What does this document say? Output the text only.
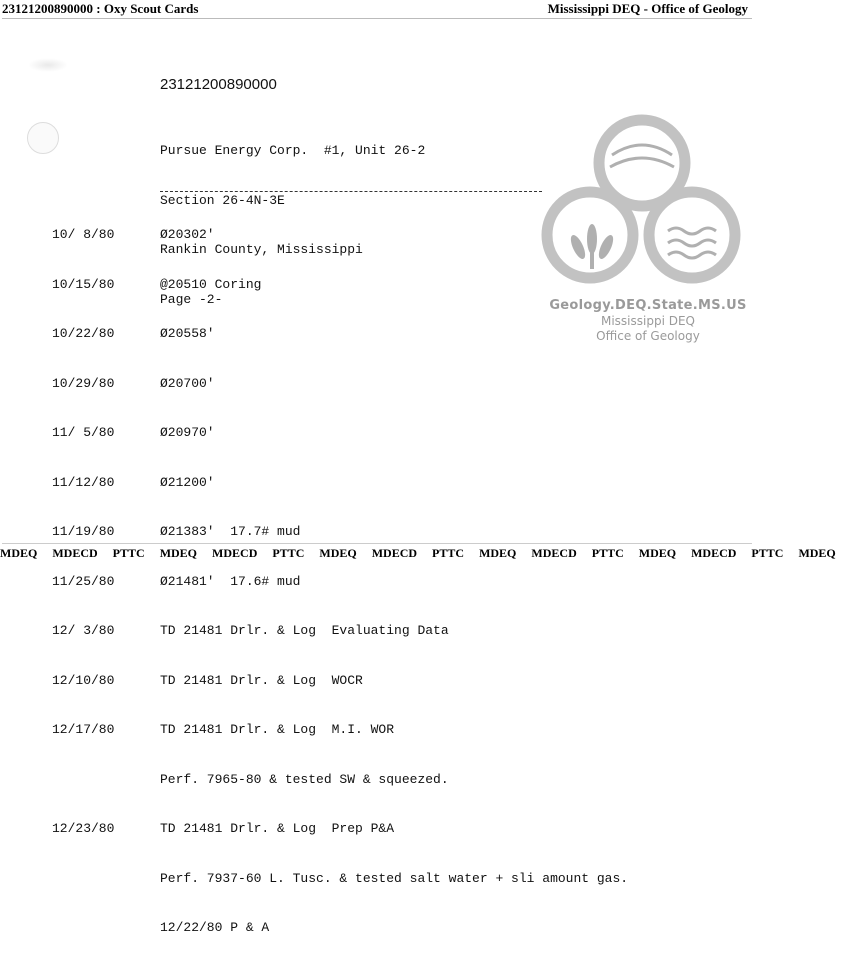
23121200890000 : Oxy Scout Cards	Mississippi DEQ - Office of Geology
Geology.DEQ.State.MS.US
Mississippi DEQ
Office of Geology
23121200890000

Pursue Energy Corp.  #1, Unit 26-2

Section 26-4N-3E

Rankin County, Mississippi

Page -2-

10/ 8/80

10/15/80

10/22/80

10/29/80

11/ 5/80

11/12/80

11/19/80

11/25/80

12/ 3/80

12/10/80

12/17/80

12/23/80

Ø20302'

@20510 Coring

Ø20558'

Ø20700'

Ø20970'

Ø21200'

Ø21383'  17.7# mud

Ø21481'  17.6# mud

TD 21481 Drlr. & Log  Evaluating Data

TD 21481 Drlr. & Log  WOCR

TD 21481 Drlr. & Log  M.I. WOR

Perf. 7965-80 & tested SW & squeezed.

TD 21481 Drlr. & Log  Prep P&A

Perf. 7937-60 L. Tusc. & tested salt water + sli amount gas.

12/22/80 P & A

MDEQ MDECD PTTC MDEQ MDECD PTTC MDEQ MDECD PTTC MDEQ MDECD PTTC MDEQ MDECD PTTC MDEQ
